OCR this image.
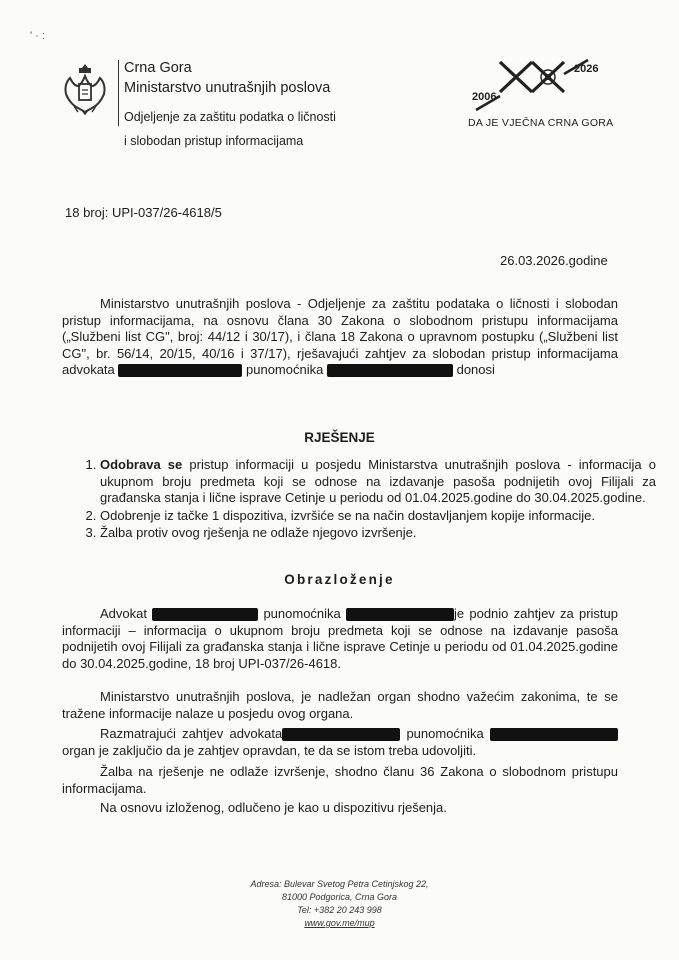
' · :
Crna Gora
Ministarstvo unutrašnjih poslova
Odjeljenje za zaštitu podatka o ličnosti
i slobodan pristup informacijama
2026
2006
DA JE VJEČNA CRNA GORA
18 broj: UPI-037/26-4618/5
26.03.2026.godine

Ministarstvo unutrašnjih poslova - Odjeljenje za zaštitu podataka o ličnosti i slobodan pristup informacijama, na osnovu člana 30 Zakona o slobodnom pristupu informacijama („Službeni list CG", broj: 44/12 i 30/17), i člana 18 Zakona o upravnom postupku („Službeni list CG", br. 56/14, 20/15, 40/16 i 37/17), rješavajući zahtjev za slobodan pristup informacijama advokata	punomoćnika	donosi

RJEŠENJE
1. Odobrava se pristup informaciji u posjedu Ministarstva unutrašnjih poslova - informacija o ukupnom broju predmeta koji se odnose na izdavanje pasoša podnijetih ovoj Filijali za građanska stanja i lične isprave Cetinje u periodu od 01.04.2025.godine do 30.04.2025.godine.
2. Odobrenje iz tačke 1 dispozitiva, izvršiće se na način dostavljanjem kopije informacije.
3. Žalba protiv ovog rješenja ne odlaže njegovo izvršenje.
Obrazloženje

Advokat	punomoćnika	je podnio zahtjev za pristup informaciji – informacija o ukupnom broju predmeta koji se odnose na izdavanje pasoša podnijetih ovoj Filijali za građanska stanja i lične isprave Cetinje u periodu od 01.04.2025.godine do 30.04.2025.godine, 18 broj UPI-037/26-4618.

Ministarstvo unutrašnjih poslova, je nadležan organ shodno važećim zakonima, te se tražene informacije nalaze u posjedu ovog organa.

Razmatrajući zahtjev advokata	punomoćnika  organ je zaključio da je zahtjev opravdan, te da se istom treba udovoljiti.

Žalba na rješenje ne odlaže izvršenje, shodno članu 36 Zakona o slobodnom pristupu informacijama.

Na osnovu izloženog, odlučeno je kao u dispozitivu rješenja.

Adresa: Bulevar Svetog Petra Cetinjskog 22,
81000 Podgorica, Crna Gora
Tel: +382 20 243 998
www.gov.me/mup
